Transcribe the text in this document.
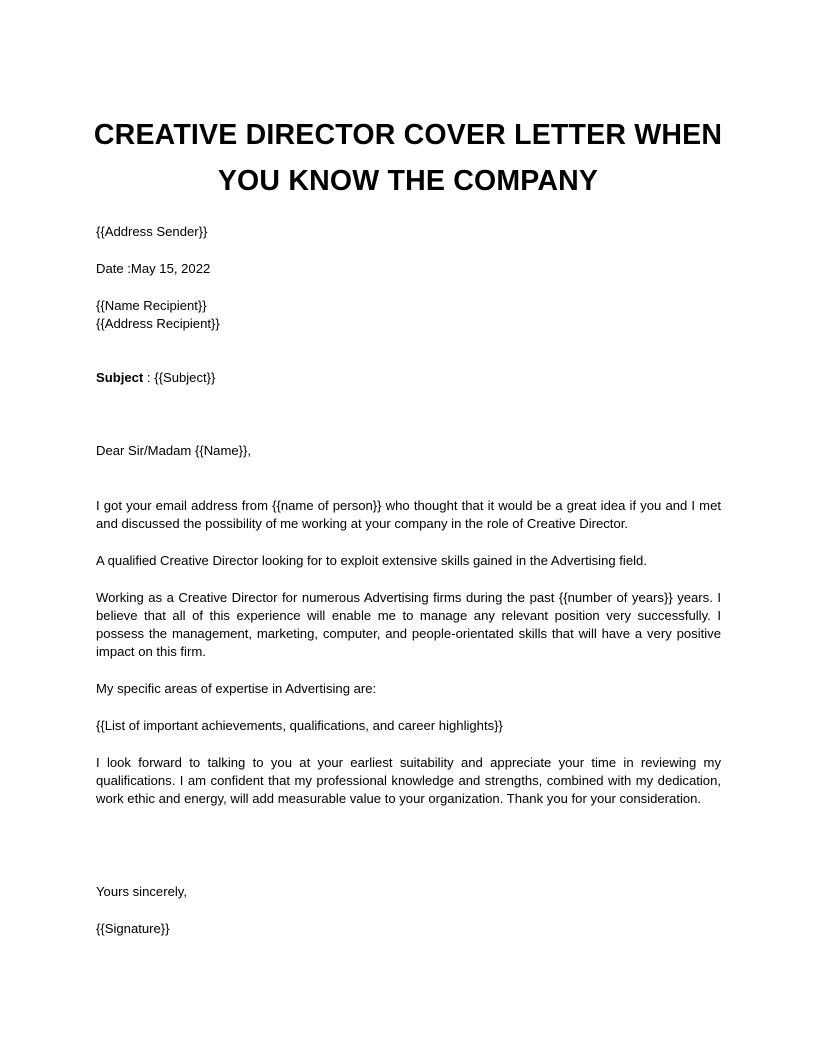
CREATIVE DIRECTOR COVER LETTER WHEN
YOU KNOW THE COMPANY
{{Address Sender}}
Date :May 15, 2022
{{Name Recipient}}
{{Address Recipient}}
Subject : {{Subject}}
Dear Sir/Madam {{Name}},
I got your email address from {{name of person}} who thought that it would be a great idea if you and I met and discussed the possibility of me working at your company in the role of Creative Director.
A qualified Creative Director looking for to exploit extensive skills gained in the Advertising field.
Working as a Creative Director for numerous Advertising firms during the past {{number of years}} years. I believe that all of this experience will enable me to manage any relevant position very successfully. I possess the management, marketing, computer, and people-orientated skills that will have a very positive impact on this firm.
My specific areas of expertise in Advertising are:
{{List of important achievements, qualifications, and career highlights}}
I look forward to talking to you at your earliest suitability and appreciate your time in reviewing my qualifications. I am confident that my professional knowledge and strengths, combined with my dedication, work ethic and energy, will add measurable value to your organization. Thank you for your consideration.
Yours sincerely,
{{Signature}}
